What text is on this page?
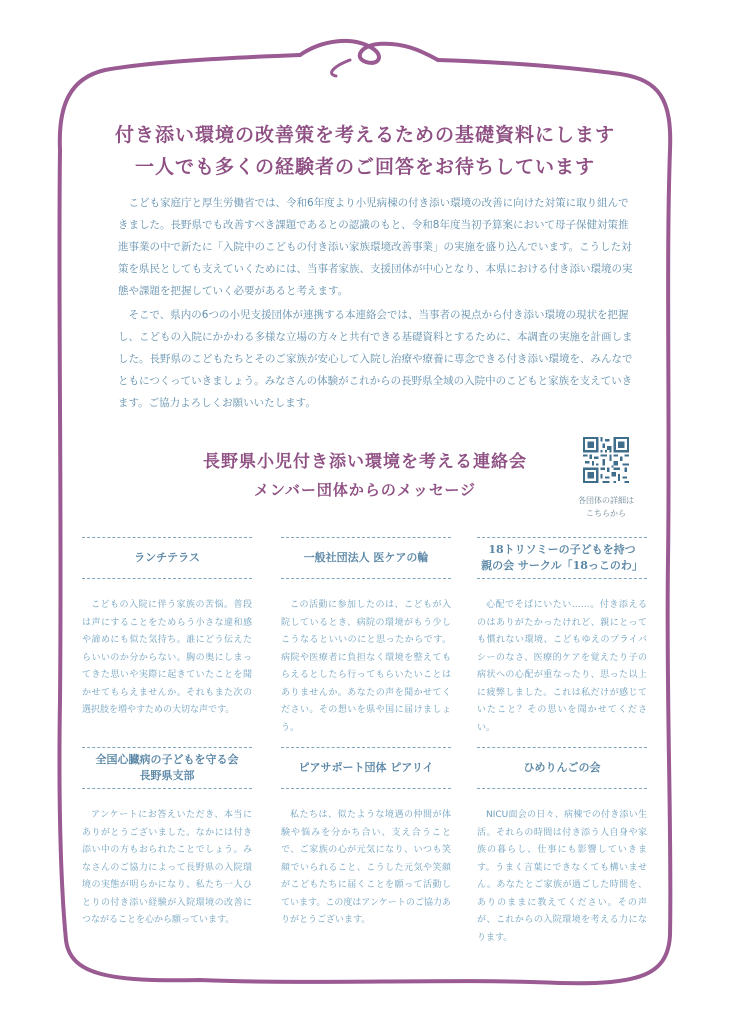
付き添い環境の改善策を考えるための基礎資料にします
一人でも多くの経験者のご回答をお待ちしています

こども家庭庁と厚生労働省では、令和6年度より小児病棟の付き添い環境の改善に向けた対策に取り組んできました。長野県でも改善すべき課題であるとの認識のもと、令和8年度当初予算案において母子保健対策推進事業の中で新たに「入院中のこどもの付き添い家族環境改善事業」の実施を盛り込んでいます。こうした対策を県民としても支えていくためには、当事者家族、支援団体が中心となり、本県における付き添い環境の実態や課題を把握していく必要があると考えます。

そこで、県内の6つの小児支援団体が連携する本連絡会では、当事者の視点から付き添い環境の現状を把握し、こどもの入院にかかわる多様な立場の方々と共有できる基礎資料とするために、本調査の実施を計画しました。長野県のこどもたちとそのご家族が安心して入院し治療や療養に専念できる付き添い環境を、みんなでともにつくっていきましょう。みなさんの体験がこれからの長野県全域の入院中のこどもと家族を支えていきます。ご協力よろしくお願いいたします。

長野県小児付き添い環境を考える連絡会
メンバー団体からのメッセージ
各団体の詳細は
こちらから
ランチテラス
こどもの入院に伴う家族の苦悩。普段は声にすることをためらう小さな違和感や諦めにも似た気持ち。誰にどう伝えたらいいのか分からない。胸の奥にしまってきた思いや実際に起きていたことを聞かせてもらえませんか。それもまた次の選択肢を増やすための大切な声です。
一般社団法人 医ケアの輪
この活動に参加したのは、こどもが入院しているとき、病院の環境がもう少しこうなるといいのにと思ったからです。病院や医療者に負担なく環境を整えてもらえるとしたら行ってもらいたいことはありませんか。あなたの声を聞かせてください。その想いを県や国に届けましょう。
18トリソミーの子どもを持つ
親の会 サークル「18っこのわ」
心配でそばにいたい……。付き添えるのはありがたかったけれど、親にとっても慣れない環境、こどもゆえのプライバシーのなさ、医療的ケアを覚えたり子の病状への心配が重なったり、思った以上に疲弊しました。これは私だけが感じていたこと？その思いを聞かせてください。
全国心臓病の子どもを守る会
長野県支部
アンケートにお答えいただき、本当にありがとうございました。なかには付き添い中の方もおられたことでしょう。みなさんのご協力によって長野県の入院環境の実態が明らかになり、私たち一人ひとりの付き添い経験が入院環境の改善につながることを心から願っています。
ピアサポート団体 ピアリイ
私たちは、似たような境遇の仲間が体験や悩みを分かち合い、支え合うことで、ご家族の心が元気になり、いつも笑顔でいられること、こうした元気や笑顔がこどもたちに届くことを願って活動しています。この度はアンケートのご協力ありがとうございます。
ひめりんごの会
NICU面会の日々、病棟での付き添い生活。それらの時間は付き添う人自身や家族の暮らし、仕事にも影響していきます。うまく言葉にできなくても構いません。あなたとご家族が過ごした時間を、ありのままに教えてください。その声が、これからの入院環境を考える力になります。
